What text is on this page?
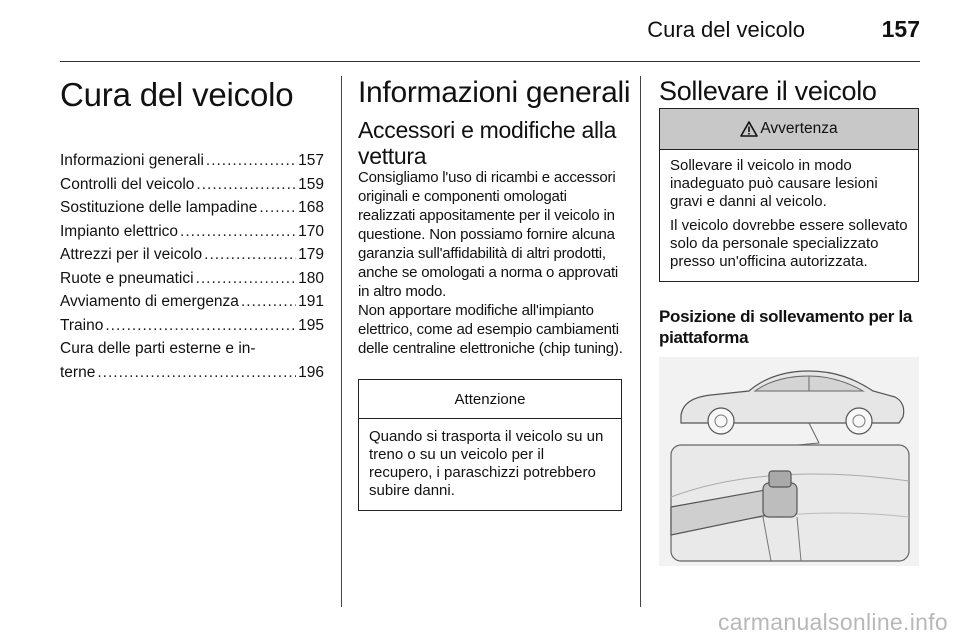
Cura del veicolo	157
Cura del veicolo
Informazioni generali .....	157
Controlli del veicolo .....	159
Sostituzione delle lampadine .....	168
Impianto elettrico .....	170
Attrezzi per il veicolo .....	179
Ruote e pneumatici .....	180
Avviamento di emergenza .....	191
Traino .....	195
Cura delle parti esterne e in-
terne .....	196
Informazioni generali
Accessori e modifiche alla vettura

Consigliamo l'uso di ricambi e accessori originali e componenti omologati realizzati appositamente per il veicolo in questione. Non possiamo fornire alcuna garanzia sull'affidabilità di altri prodotti, anche se omologati a norma o approvati in altro modo.

Non apportare modifiche all'impianto elettrico, come ad esempio cambiamenti delle centraline elettroniche (chip tuning).

Attenzione
Quando si trasporta il veicolo su un treno o su un veicolo per il recupero, i paraschizzi potrebbero subire danni.
Sollevare il veicolo
Avvertenza

Sollevare il veicolo in modo inadeguato può causare lesioni gravi e danni al veicolo.

Il veicolo dovrebbe essere sollevato solo da personale specializzato presso un'officina autorizzata.

Posizione di sollevamento per la piattaforma
carmanualsonline.info
